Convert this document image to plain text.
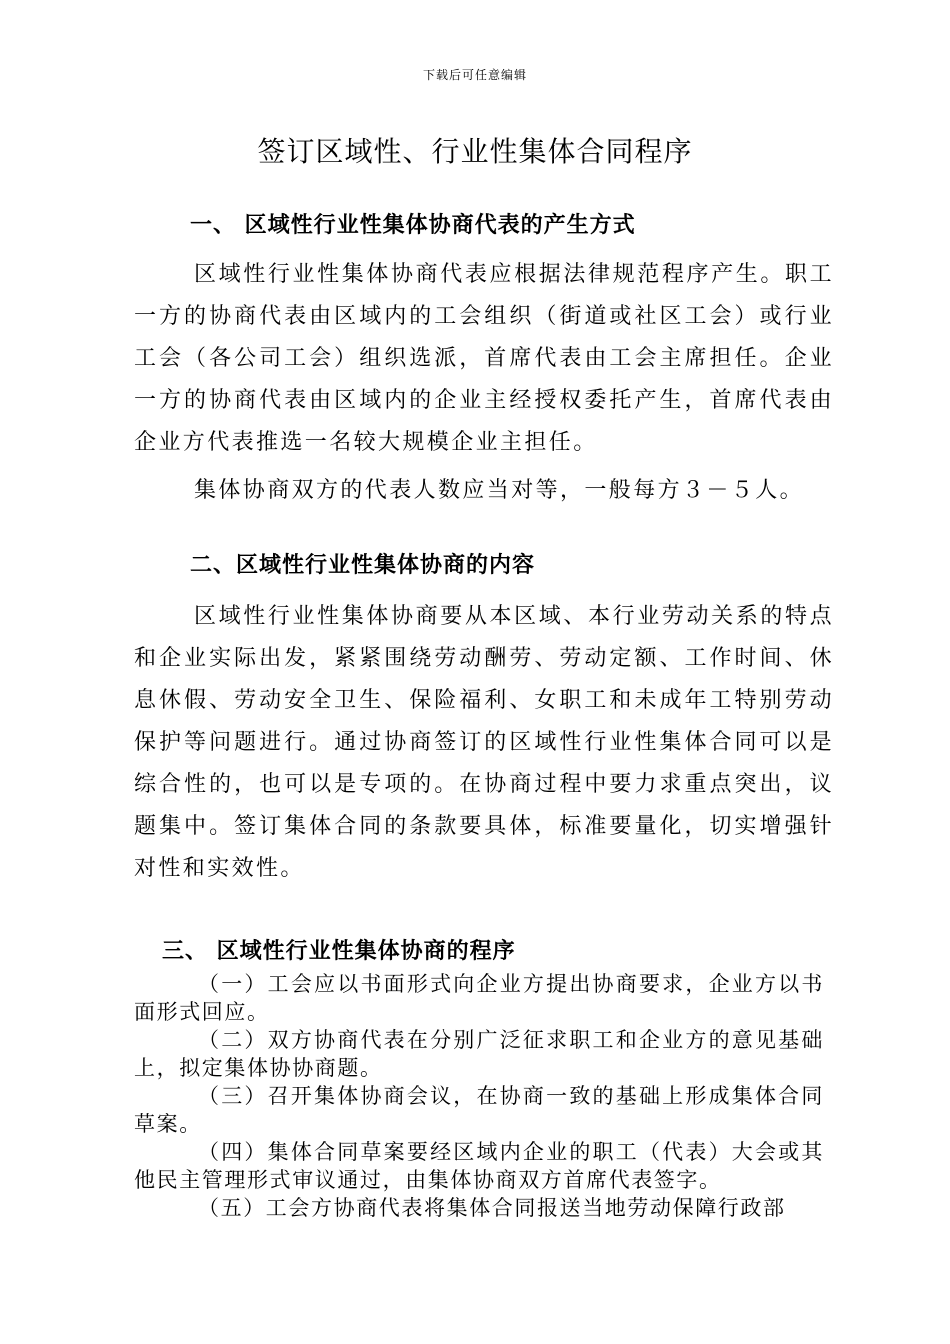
下载后可任意编辑
签订区域性、行业性集体合同程序
一、 区域性行业性集体协商代表的产生方式
区域性行业性集体协商代表应根据法律规范程序产生。职工一方的协商代表由区域内的工会组织（街道或社区工会）或行业工会（各公司工会）组织选派，首席代表由工会主席担任。企业一方的协商代表由区域内的企业主经授权委托产生，首席代表由企业方代表推选一名较大规模企业主担任。
集体协商双方的代表人数应当对等，一般每方３－５人。
二、区域性行业性集体协商的内容
区域性行业性集体协商要从本区域、本行业劳动关系的特点和企业实际出发，紧紧围绕劳动酬劳、劳动定额、工作时间、休息休假、劳动安全卫生、保险福利、女职工和未成年工特别劳动保护等问题进行。通过协商签订的区域性行业性集体合同可以是综合性的，也可以是专项的。在协商过程中要力求重点突出，议题集中。签订集体合同的条款要具体，标准要量化，切实增强针对性和实效性。
三、 区域性行业性集体协商的程序

（一）工会应以书面形式向企业方提出协商要求，企业方以书面形式回应。

（二）双方协商代表在分别广泛征求职工和企业方的意见基础上，拟定集体协协商题。

（三）召开集体协商会议，在协商一致的基础上形成集体合同草案。

（四）集体合同草案要经区域内企业的职工（代表）大会或其他民主管理形式审议通过，由集体协商双方首席代表签字。

（五）工会方协商代表将集体合同报送当地劳动保障行政部
